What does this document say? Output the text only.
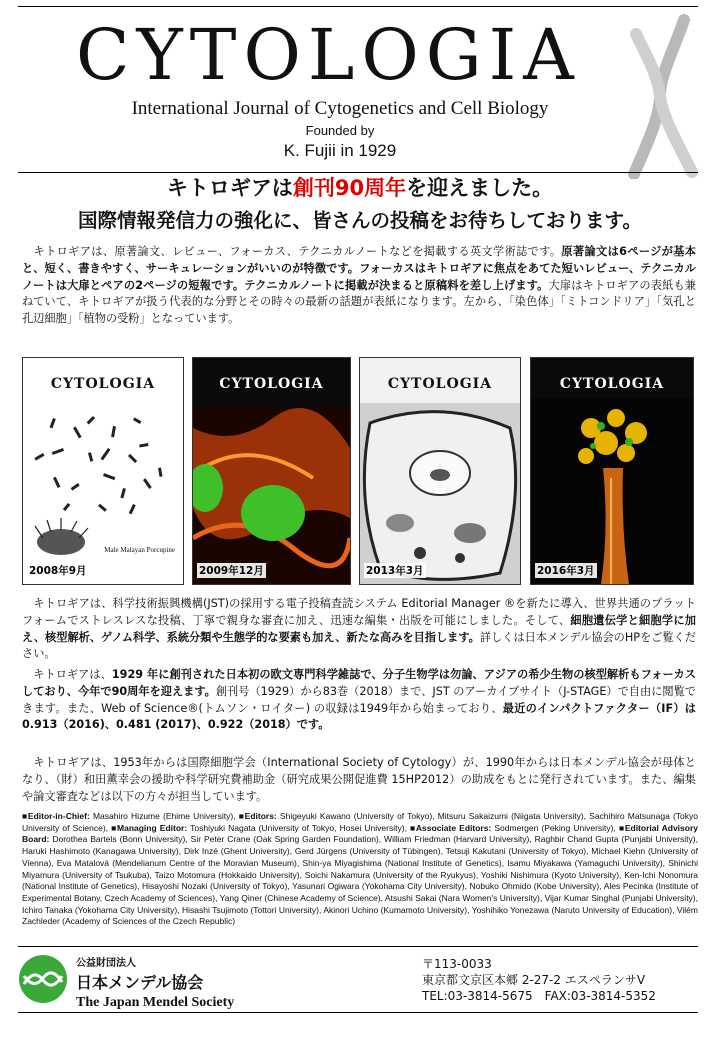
CYTOLOGIA
International Journal of Cytogenetics and Cell Biology
Founded by
K. Fujii in 1929
キトロギアは創刊90周年を迎えました。
国際情報発信力の強化に、皆さんの投稿をお待ちしております。
　キトロギアは、原著論文、レビュー、フォーカス、テクニカルノートなどを掲載する英文学術誌です。原著論文は6ページが基本と、短く、書きやすく、サーキュレーションがいいのが特徴です。フォーカスはキトロギアに焦点をあてた短いレビュー、テクニカルノートは大扉とペアの2ページの短報です。テクニカルノートに掲載が決まると原稿料を差し上げます。大扉はキトロギアの表紙も兼ねていて、キトロギアが扱う代表的な分野とその時々の最新の話題が表紙になります。左から、「染色体」「ミトコンドリア」「気孔と孔辺細胞」「植物の受粉」となっています。
CYTOLOGIA
Male Malayan Porcupine
2008年9月
CYTOLOGIA
2009年12月
CYTOLOGIA
2013年3月
CYTOLOGIA
2016年3月
　キトロギアは、科学技術振興機構(JST)の採用する電子投稿査読システム Editorial Manager ®を新たに導入、世界共通のプラットフォームでストレスレスな投稿、丁寧で親身な審査に加え、迅速な編集・出版を可能にしました。そして、細胞遺伝学と細胞学に加え、核型解析、ゲノム科学、系統分類や生態学的な要素も加え、新たな高みを目指します。詳しくは日本メンデル協会のHPをご覧ください。
　キトロギアは、1929 年に創刊された日本初の欧文専門科学雑誌で、分子生物学は勿論、アジアの希少生物の核型解析もフォーカスしており、今年で90周年を迎えます。創刊号（1929）から83巻（2018）まで、JST のアーカイブサイト（J-STAGE）で自由に閲覧できます。また、Web of Science®(トムソン・ロイター) の収録は1949年から始まっており、最近のインパクトファクター（IF）は0.913（2016)、0.481 (2017)、0.922（2018）です。
　キトロギアは、1953年からは国際細胞学会（International Society of Cytology）が、1990年からは日本メンデル協会が母体となり、（財）和田薫幸会の援助や科学研究費補助金（研究成果公開促進費 15HP2012）の助成をもとに発行されています。また、編集や論文審査などは以下の方々が担当しています。
■Editor-in-Chief: Masahiro Hizume (Ehime University), ■Editors: Shigeyuki Kawano (University of Tokyo), Mitsuru Sakaizumi (Niigata University), Sachihiro Matsunaga (Tokyo University of Science), ■Managing Editor: Toshiyuki Nagata (University of Tokyo, Hosei University), ■Associate Editors: Sodmergen (Peking University), ■Editorial Advisory Board: Dorothea Bartels (Bonn University), Sir Peter Crane (Oak Spring Garden Foundation), William Friedman (Harvard University), Raghbir Chand Gupta (Punjabi University), Haruki Hashimoto (Kanagawa University), Dirk Inzé (Ghent University), Gerd Jürgens (University of Tübingen), Tetsuji Kakutani (University of Tokyo), Michael Kiehn (University of Vienna), Eva Matalová (Mendelianum Centre of the Moravian Museum), Shin-ya Miyagishima (National Institute of Genetics), Isamu Miyakawa (Yamaguchi University), Shinichi Miyamura (University of Tsukuba), Taizo Motomura (Hokkaido University), Soichi Nakamura (University of the Ryukyus), Yoshiki Nishimura (Kyoto University), Ken-Ichi Nonomura (National Institute of Genetics), Hisayoshi Nozaki (University of Tokyo), Yasunari Ogiwara (Yokohama City University), Nobuko Ohmido (Kobe University), Ales Pecinka (Institute of Experimental Botany, Czech Academy of Sciences), Yang Qiner (Chinese Academy of Science), Atsushi Sakai (Nara Women's University), Vijar Kumar Singhal (Punjabi University), Ichiro Tanaka (Yokohama City University), Hisashi Tsujimoto (Tottori University), Akinori Uchino (Kumamoto University), Yoshihiko Yonezawa (Naruto University of Education), Vilém Zachleder (Academy of Sciences of the Czech Republic)
公益財団法人
日本メンデル協会
The Japan Mendel Society
〒113-0033
東京都文京区本郷 2-27-2 エスペランサV
TEL:03-3814-5675　FAX:03-3814-5352
